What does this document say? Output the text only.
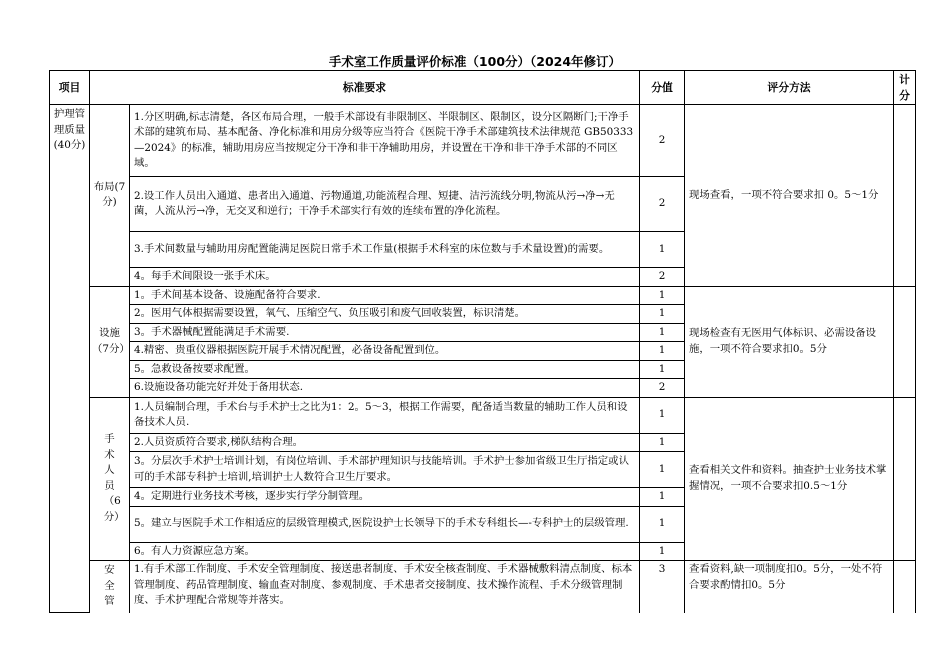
手术室工作质量评价标准（100分）（2024年修订）
项目	标准要求		分值	评分方法	计分
护理管理质量(40分)	布局(7分)	1.分区明确,标志清楚，各区布局合理，一般手术部设有非限制区、半限制区、限制区，设分区隔断门;干净手术部的建筑布局、基本配备、净化标准和用房分级等应当符合《医院干净手术部建筑技术法律规范 GB50333—2024》的标准，辅助用房应当按规定分干净和非干净辅助用房，并设置在干净和非干净手术部的不同区域。	2	现场查看，一项不符合要求扣 0。5～1分	
		2.设工作人员出入通道、患者出入通道、污物通道,功能流程合理、短捷、洁污流线分明,物流从污→净→无菌，人流从污→净，无交叉和逆行；干净手术部实行有效的连续布置的净化流程。	2		
		3.手术间数量与辅助用房配置能满足医院日常手术工作量(根据手术科室的床位数与手术量设置)的需要。	1		
		4。每手术间限设一张手术床。	2		
	设施（7分）	1。手术间基本设备、设施配备符合要求.	1	现场检查有无医用气体标识、必需设备设施，一项不符合要求扣0。5分	
		2。医用气体根据需要设置，氧气、压缩空气、负压吸引和废气回收装置，标识清楚。	1		
		3。手术器械配置能满足手术需要.	1		
		4.精密、贵重仪器根据医院开展手术情况配置，必备设备配置到位。	1		
		5。急救设备按要求配置。	1		
		6.设施设备功能完好并处于备用状态.	2		
	手术人员（6分）	1.人员编制合理，手术台与手术护士之比为1：2。5～3，根据工作需要，配备适当数量的辅助工作人员和设备技术人员.	1	查看相关文件和资料。抽查护士业务技术掌握情况，一项不合要求扣0.5～1分	
		2.人员资质符合要求,梯队结构合理。	1		
		3。分层次手术护士培训计划，有岗位培训、手术部护理知识与技能培训。手术护士参加省级卫生厅指定或认可的手术部专科护士培训,培训护士人数符合卫生厅要求。	1		
		4。定期进行业务技术考核，逐步实行学分制管理。	1		
		5。建立与医院手术工作相适应的层级管理模式,医院设护士长领导下的手术专科组长—-专科护士的层级管理.	1		
		6。有人力资源应急方案。	1		
	安全管	1.有手术部工作制度、手术安全管理制度、接送患者制度、手术安全核查制度、手术器械敷料清点制度、标本管理制度、药品管理制度、输血查对制度、参观制度、手术患者交接制度、技术操作流程、手术分级管理制度、手术护理配合常规等并落实。	3	查看资料,缺一项制度扣0。5分，一处不符合要求酌情扣0。5分	
